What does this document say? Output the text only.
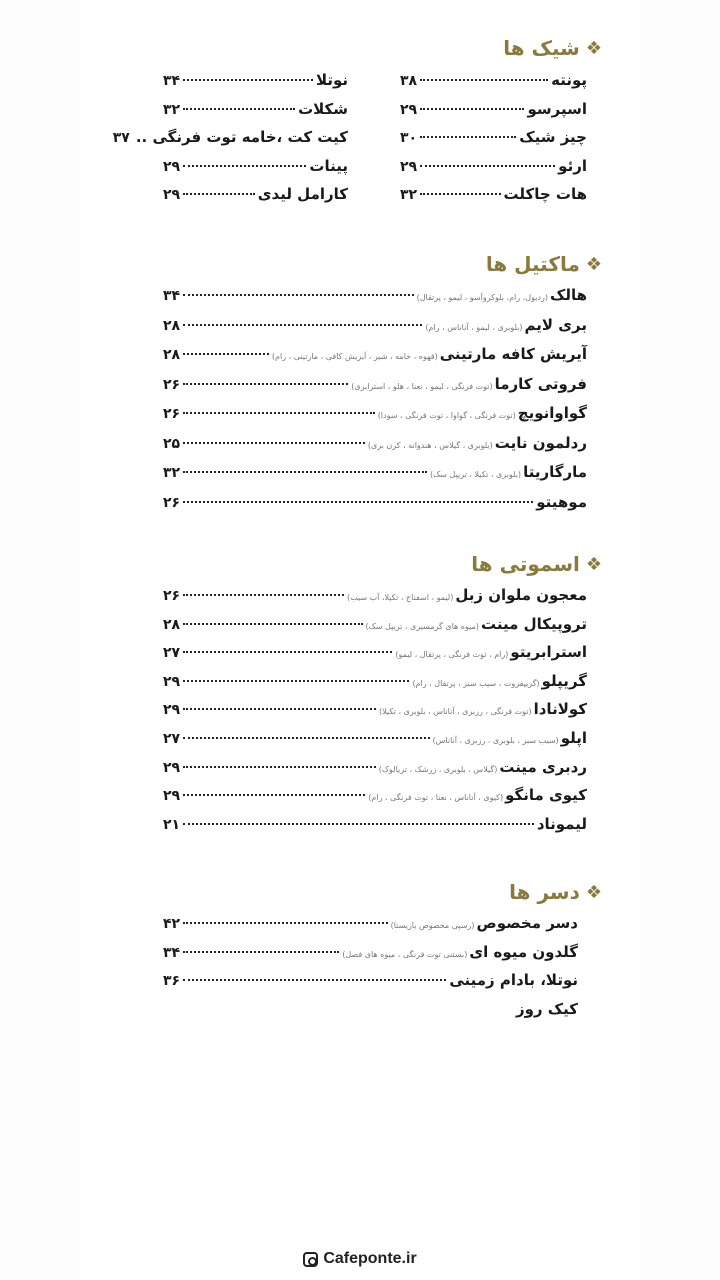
❖
شیک ها
پونته
۳۸
اسپرسو
۲۹
چیز شیک
۳۰
ارئو
۲۹
هات چاکلت
۳۲
نوتلا
۳۴
شکلات
۳۲
کیت کت ،خامه توت فرنگی ..
۳۷
پینات
۲۹
کارامل لیدی
۲۹
❖
ماکتیل ها
هالک
(ردبول، رام، بلوکروآسو ، لیمو ، پرتقال)
۳۴
بری لایم
(بلوبری ، لیمو ، آناناس ، رام)
۲۸
آیریش کافه مارتینی
(قهوه ، خامه ، شیر ، آیریش کافی ، مارتینی ، رام)
۲۸
فروتی کارما
(توت فرنگی ، لیمو ، نعنا ، هلو ، استرابری)
۲۶
گواوانویچ
(توت فرنگی ، گواوا ، توت فرنگی ، سودا)
۲۶
ردلمون نایت
(بلوبری ، گیلاس ، هندوانه ، کرن بری)
۲۵
مارگاریتا
(بلوبری ، تکیلا ، تریپل سک)
۳۲
موهیتو
۲۶
❖
اسموتی ها
معجون ملوان زبل
(لیمو ، اسفناج ، تکیلا، آب سیب)
۲۶
تروپیکال مینت
(میوه های گرمسیری ، تریپل سک)
۲۸
استرابریتو
(رام ، توت فرنگی ، پرتقال ، لیمو)
۲۷
گریپلو
(گریپفروت ، سیب سبز ، پرتقال ، رام)
۲۹
کولانادا
(توت فرنگی ، رزبری ، آناناس ، بلوبری ، تکیلا)
۲۹
اپلو
(سیب سبز ، بلوبری ، رزبری ، آناناس)
۲۷
ردبری مینت
(گیلاس ، بلوبری ، زرشک ، تریالوک)
۲۹
کیوی مانگو
(کیوی ، آناناس ، نعنا ، توت فرنگی ، رام)
۲۹
لیموناد
۲۱
❖
دسر ها
دسر مخصوص
(رسپی مخصوص باریستا)
۴۲
گلدون میوه ای
(بستنی توت فرنگی ، میوه های فصل)
۳۴
نوتلا، بادام زمینی
۳۶
کیک روز
Cafeponte.ir
